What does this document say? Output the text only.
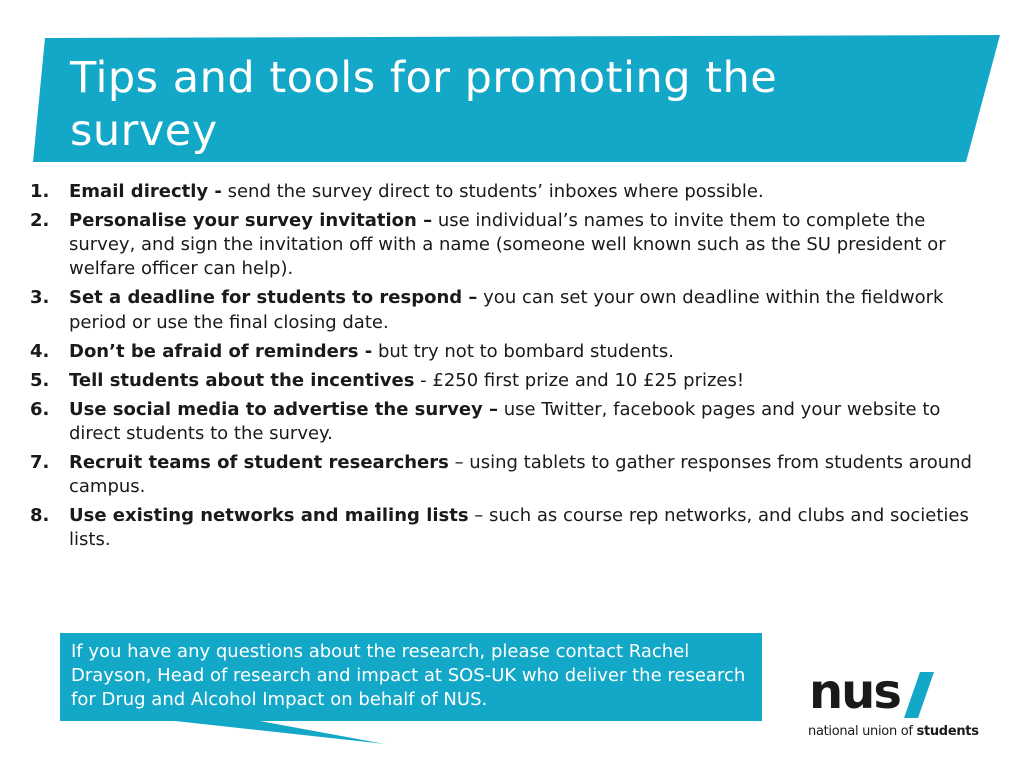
Tips and tools for promoting the survey
1. Email directly - send the survey direct to students’ inboxes where possible.
2. Personalise your survey invitation – use individual’s names to invite them to complete the survey, and sign the invitation off with a name (someone well known such as the SU president or welfare officer can help).
3. Set a deadline for students to respond – you can set your own deadline within the fieldwork period or use the final closing date.
4. Don’t be afraid of reminders - but try not to bombard students.
5. Tell students about the incentives - £250 first prize and 10 £25 prizes!
6. Use social media to advertise the survey – use Twitter, facebook pages and your website to direct students to the survey.
7. Recruit teams of student researchers – using tablets to gather responses from students around campus.
8. Use existing networks and mailing lists – such as course rep networks, and clubs and societies lists.

If you have any questions about the research, please contact Rachel Drayson, Head of research and impact at SOS-UK who deliver the research for Drug and Alcohol Impact on behalf of NUS.	nus

national union of students
